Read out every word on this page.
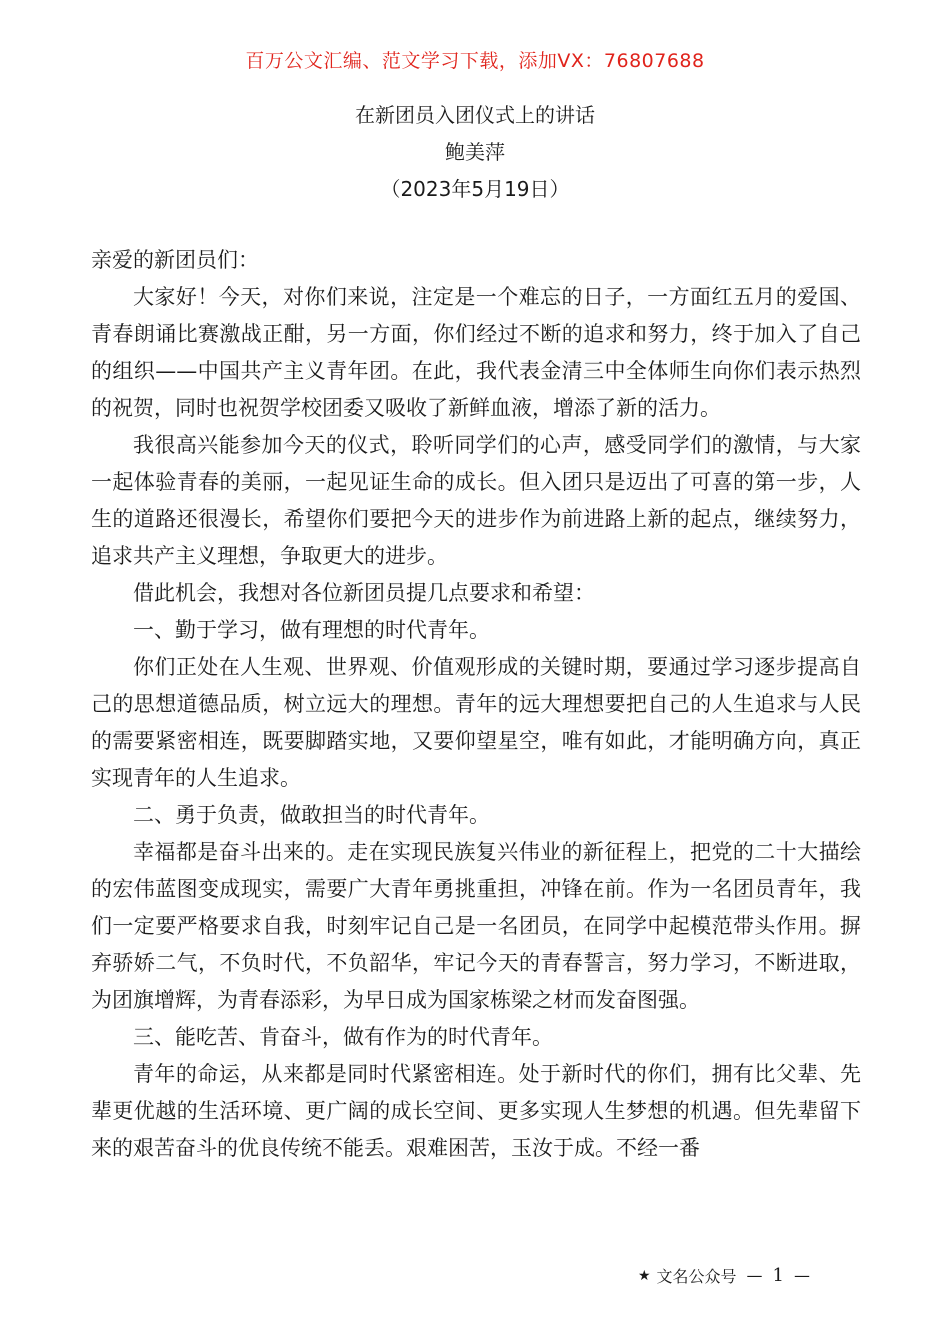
百万公文汇编、范文学习下载，添加VX：76807688
在新团员入团仪式上的讲话
鲍美萍
（2023年5月19日）

亲爱的新团员们：

大家好！今天，对你们来说，注定是一个难忘的日子，一方面红五月的爱国、青春朗诵比赛激战正酣，另一方面，你们经过不断的追求和努力，终于加入了自己的组织——中国共产主义青年团。在此，我代表金清三中全体师生向你们表示热烈的祝贺，同时也祝贺学校团委又吸收了新鲜血液，增添了新的活力。

我很高兴能参加今天的仪式，聆听同学们的心声，感受同学们的激情，与大家一起体验青春的美丽，一起见证生命的成长。但入团只是迈出了可喜的第一步，人生的道路还很漫长，希望你们要把今天的进步作为前进路上新的起点，继续努力，追求共产主义理想，争取更大的进步。

借此机会，我想对各位新团员提几点要求和希望：

一、勤于学习，做有理想的时代青年。

你们正处在人生观、世界观、价值观形成的关键时期，要通过学习逐步提高自己的思想道德品质，树立远大的理想。青年的远大理想要把自己的人生追求与人民的需要紧密相连，既要脚踏实地，又要仰望星空，唯有如此，才能明确方向，真正实现青年的人生追求。

二、勇于负责，做敢担当的时代青年。

幸福都是奋斗出来的。走在实现民族复兴伟业的新征程上，把党的二十大描绘的宏伟蓝图变成现实，需要广大青年勇挑重担，冲锋在前。作为一名团员青年，我们一定要严格要求自我，时刻牢记自己是一名团员，在同学中起模范带头作用。摒弃骄娇二气，不负时代，不负韶华，牢记今天的青春誓言，努力学习，不断进取，为团旗增辉，为青春添彩，为早日成为国家栋梁之材而发奋图强。

三、能吃苦、肯奋斗，做有作为的时代青年。

青年的命运，从来都是同时代紧密相连。处于新时代的你们，拥有比父辈、先辈更优越的生活环境、更广阔的成长空间、更多实现人生梦想的机遇。但先辈留下来的艰苦奋斗的优良传统不能丢。艰难困苦，玉汝于成。不经一番

★ 文名公众号 — 1 —
